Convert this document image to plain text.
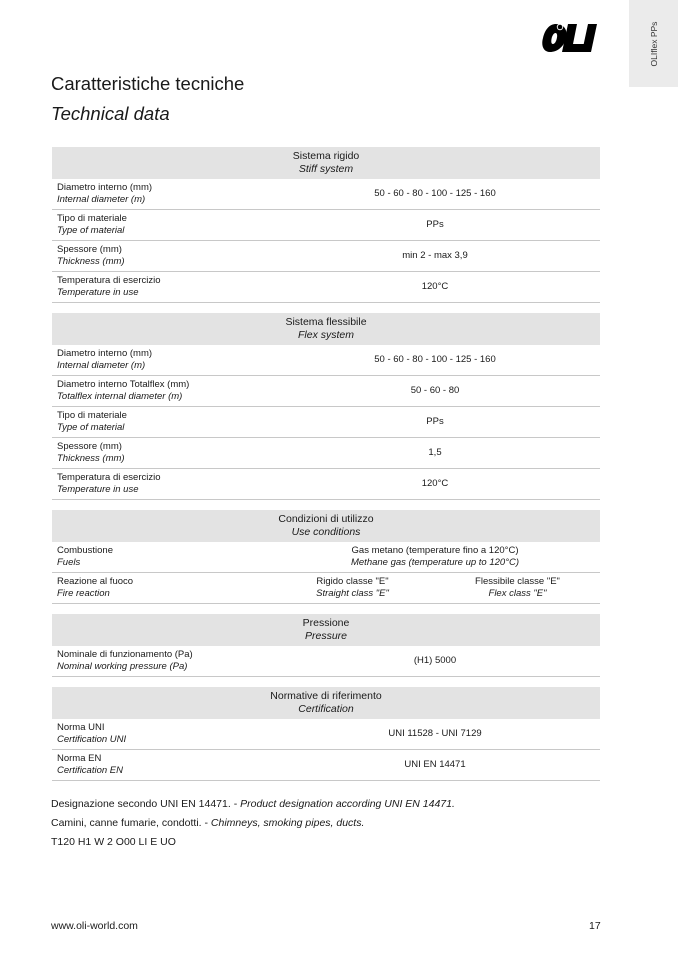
OLIflex PPs
Caratteristiche tecniche
Technical data
Sistema rigido
Stiff system
Diametro interno (mm)
Internal diameter (m)
50 - 60 - 80 - 100 - 125 - 160
Tipo di materiale
Type of material
PPs
Spessore (mm)
Thickness (mm)
min 2 - max 3,9
Temperatura di esercizio
Temperature in use
120°C
Sistema flessibile
Flex system
Diametro interno (mm)
Internal diameter (m)
50 - 60 - 80 - 100 - 125 - 160
Diametro interno Totalflex (mm)
Totalflex internal diameter (m)
50 - 60 - 80
Tipo di materiale
Type of material
PPs
Spessore (mm)
Thickness (mm)
1,5
Temperatura di esercizio
Temperature in use
120°C
Condizioni di utilizzo
Use conditions
Combustione
Fuels
Gas metano (temperature fino a 120°C)
Methane gas (temperature up to 120°C)
Reazione al fuoco
Fire reaction
Rigido classe "E"
Straight class "E"
Flessibile classe "E"
Flex class "E"
Pressione
Pressure
Nominale di funzionamento (Pa)
Nominal working pressure (Pa)
(H1) 5000
Normative di riferimento
Certification
Norma UNI
Certification UNI
UNI 11528 - UNI 7129
Norma EN
Certification EN
UNI EN 14471
Designazione secondo UNI EN 14471. - Product designation according UNI EN 14471.
Camini, canne fumarie, condotti. - Chimneys, smoking pipes, ducts.
T120 H1 W 2 O00 LI E UO
www.oli-world.com	17
